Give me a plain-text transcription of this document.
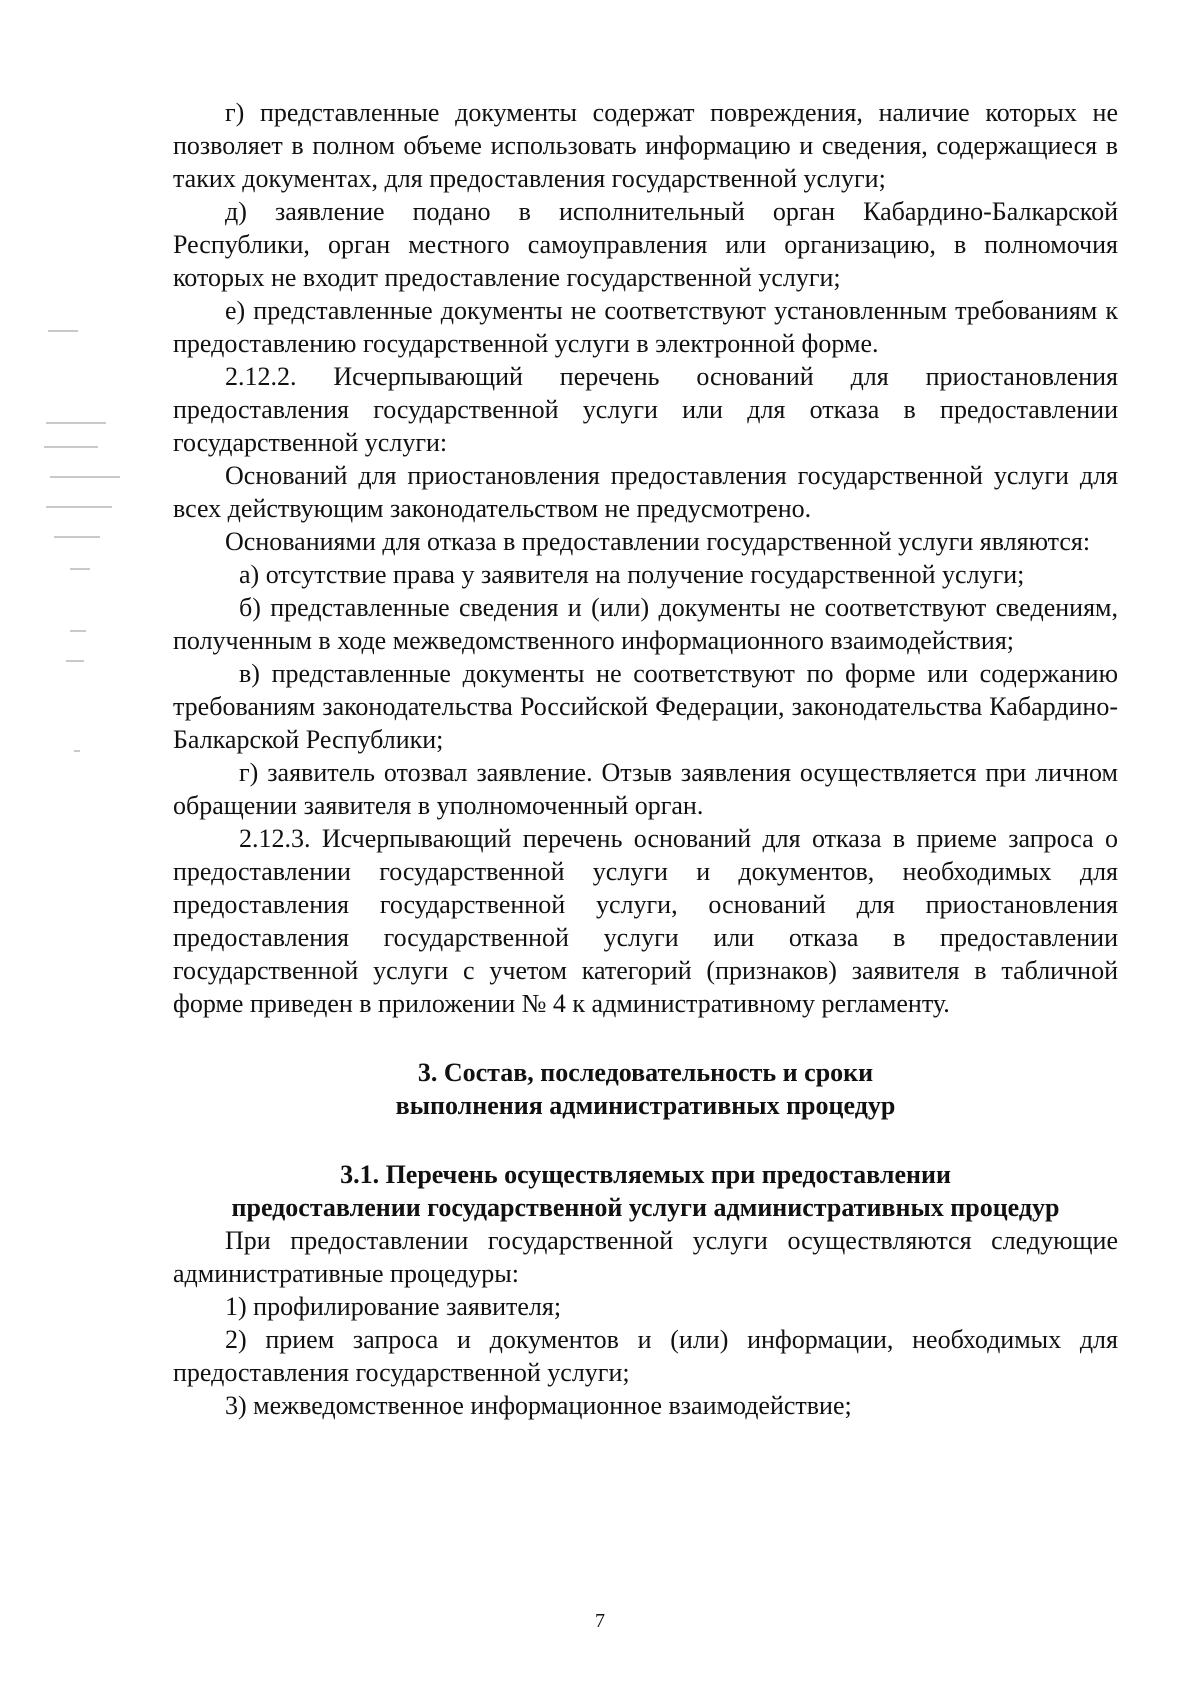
г) представленные документы содержат повреждения, наличие которых не позволяет в полном объеме использовать информацию и сведения, содержащиеся в таких документах, для предоставления государственной услуги;

д) заявление подано в исполнительный орган Кабардино-Балкарской Республики, орган местного самоуправления или организацию, в полномочия которых не входит предоставление государственной услуги;

е) представленные документы не соответствуют установленным требованиям к предоставлению государственной услуги в электронной форме.

2.12.2. Исчерпывающий перечень оснований для приостановления предоставления государственной услуги или для отказа в предоставлении государственной услуги:

Оснований для приостановления предоставления государственной услуги для всех действующим законодательством не предусмотрено.

Основаниями для отказа в предоставлении государственной услуги являются:

а) отсутствие права у заявителя на получение государственной услуги;

б) представленные сведения и (или) документы не соответствуют сведениям, полученным в ходе межведомственного информационного взаимодействия;

в) представленные документы не соответствуют по форме или содержанию требованиям законодательства Российской Федерации, законодательства Кабардино-Балкарской Республики;

г) заявитель отозвал заявление. Отзыв заявления осуществляется при личном обращении заявителя в уполномоченный орган.

2.12.3. Исчерпывающий перечень оснований для отказа в приеме запроса о предоставлении государственной услуги и документов, необходимых для предоставления государственной услуги, оснований для приостановления предоставления государственной услуги или отказа в предоставлении государственной услуги с учетом категорий (признаков) заявителя в табличной форме приведен в приложении № 4 к административному регламенту.

3. Состав, последовательность и сроки

выполнения административных процедур

3.1. Перечень осуществляемых при предоставлении

предоставлении государственной услуги административных процедур

При предоставлении государственной услуги осуществляются следующие административные процедуры:

1) профилирование заявителя;

2) прием запроса и документов и (или) информации, необходимых для предоставления государственной услуги;

3) межведомственное информационное взаимодействие;

7
